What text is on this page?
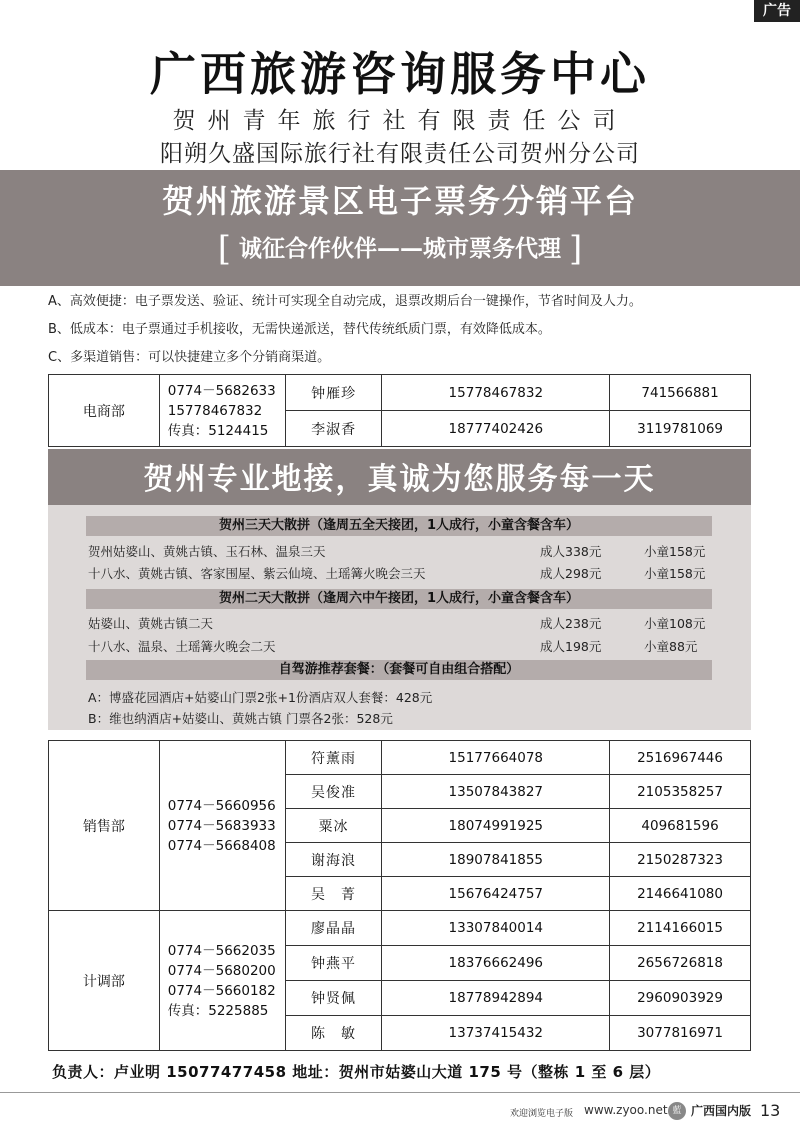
广告
广西旅游咨询服务中心
贺州青年旅行社有限责任公司
阳朔久盛国际旅行社有限责任公司贺州分公司
贺州旅游景区电子票务分销平台
[ 诚征合作伙伴——城市票务代理 ]
A、高效便捷：电子票发送、验证、统计可实现全自动完成，退票改期后台一键操作，节省时间及人力。
B、低成本：电子票通过手机接收，无需快递派送，替代传统纸质门票，有效降低成本。
C、多渠道销售：可以快捷建立多个分销商渠道。
电商部	0774－5682633
15778467832
传真：5124415	钟雁珍	15778467832	741566881
		李淑香	18777402426	3119781069
贺州专业地接，真诚为您服务每一天
贺州三天大散拼（逢周五全天接团，1人成行，小童含餐含车）
贺州姑婆山、黄姚古镇、玉石林、温泉三天	成人338元	小童158元
十八水、黄姚古镇、客家围屋、紫云仙境、土瑶篝火晚会三天	成人298元	小童158元
贺州二天大散拼（逢周六中午接团，1人成行，小童含餐含车）
姑婆山、黄姚古镇二天	成人238元	小童108元
十八水、温泉、土瑶篝火晚会二天	成人198元	小童88元
自驾游推荐套餐：（套餐可自由组合搭配）
A：博盛花园酒店+姑婆山门票2张+1份酒店双人套餐：428元
B：维也纳酒店+姑婆山、黄姚古镇 门票各2张：528元
销售部	0774－5660956
0774－5683933
0774－5668408	符薰雨	15177664078	2516967446
		吴俊准	13507843827	2105358257
		粟冰	18074991925	409681596
		谢海浪	18907841855	2150287323
		吴　菁	15676424757	2146641080
计调部	0774－5662035
0774－5680200
0774－5660182
传真：5225885	廖晶晶	13307840014	2114166015
		钟燕平	18376662496	2656726818
		钟贤佩	18778942894	2960903929
		陈　敏	13737415432	3077816971
负责人：卢业明 15077477458 地址：贺州市姑婆山大道 175 号（整栋 1 至 6 层）
欢迎浏览电子版 www.zyoo.net 藍 广西国内版 13
